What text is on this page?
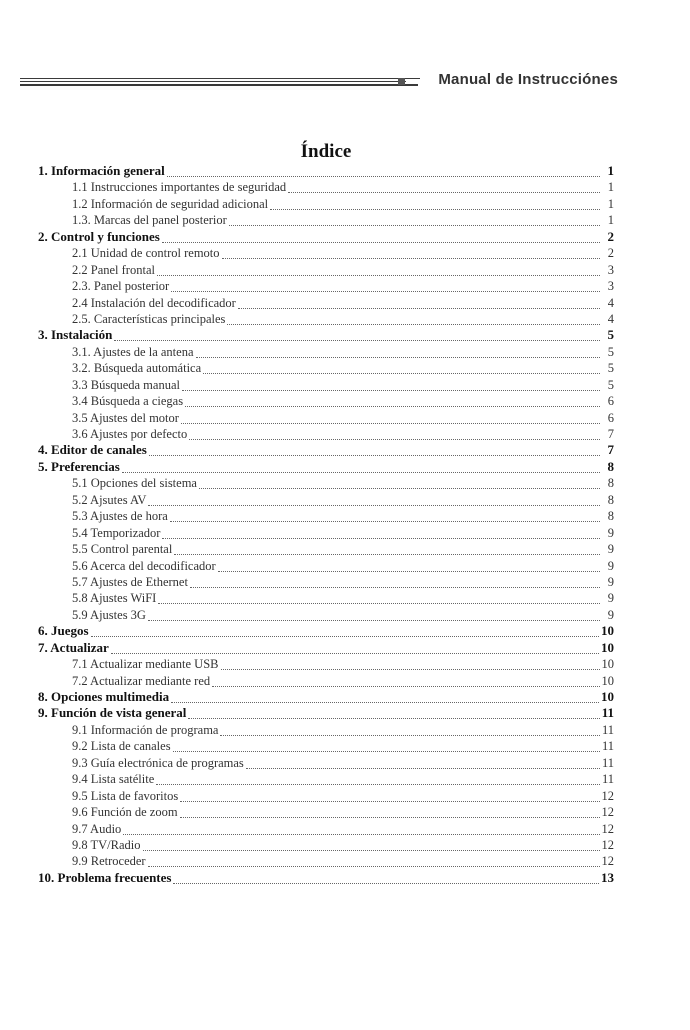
Manual de Instrucciónes
Índice
1. Información general	1
1.1 Instrucciones importantes de seguridad	1
1.2 Información de seguridad adicional	1
1.3. Marcas del panel posterior	1
2. Control y funciones	2
2.1 Unidad de control remoto	2
2.2 Panel frontal	3
2.3. Panel posterior	3
2.4 Instalación del decodificador	4
2.5. Características principales	4
3. Instalación	5
3.1. Ajustes de la antena	5
3.2. Búsqueda automática	5
3.3 Búsqueda manual	5
3.4 Búsqueda a ciegas	6
3.5 Ajustes del motor	6
3.6 Ajustes por defecto	7
4. Editor de canales	7
5. Preferencias	8
5.1 Opciones del sistema	8
5.2 Ajsutes AV	8
5.3 Ajustes de hora	8
5.4 Temporizador	9
5.5 Control parental	9
5.6 Acerca del decodificador	9
5.7 Ajustes de Ethernet	9
5.8 Ajustes WiFI	9
5.9 Ajustes 3G	9
6. Juegos	10
7. Actualizar	10
7.1 Actualizar mediante USB	10
7.2 Actualizar mediante red	10
8. Opciones multimedia	10
9. Función de vista general	11
9.1 Información de programa	11
9.2 Lista de canales	11
9.3 Guía electrónica de programas	11
9.4 Lista satélite	11
9.5 Lista de favoritos	12
9.6 Función de zoom	12
9.7 Audio	12
9.8 TV/Radio	12
9.9 Retroceder	12
10. Problema frecuentes	13
